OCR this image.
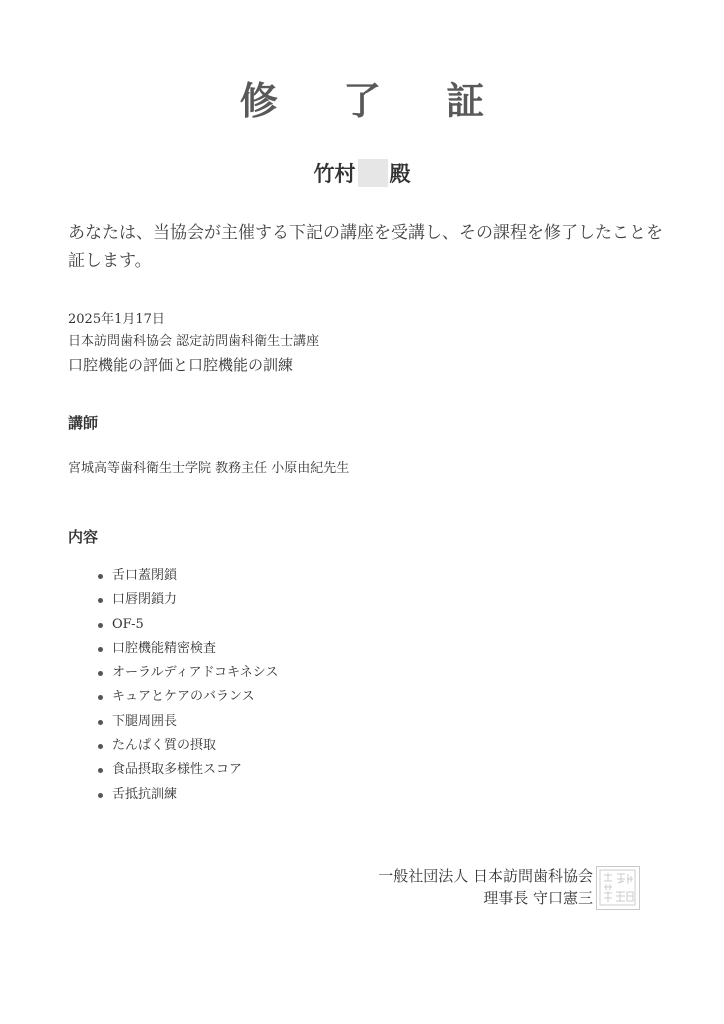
修 了 証
竹村 殿
あなたは、当協会が主催する下記の講座を受講し、その課程を修了したことを証します。
2025年1月17日
日本訪問歯科協会 認定訪問歯科衛生士講座
口腔機能の評価と口腔機能の訓練
講師
宮城高等歯科衛生士学院 教務主任 小原由紀先生
内容
舌口蓋閉鎖
口唇閉鎖力
OF-5
口腔機能精密検査
オーラルディアドコキネシス
キュアとケアのバランス
下腿周囲長
たんぱく質の摂取
食品摂取多様性スコア
舌抵抗訓練
一般社団法人 日本訪問歯科協会
理事長 守口憲三
